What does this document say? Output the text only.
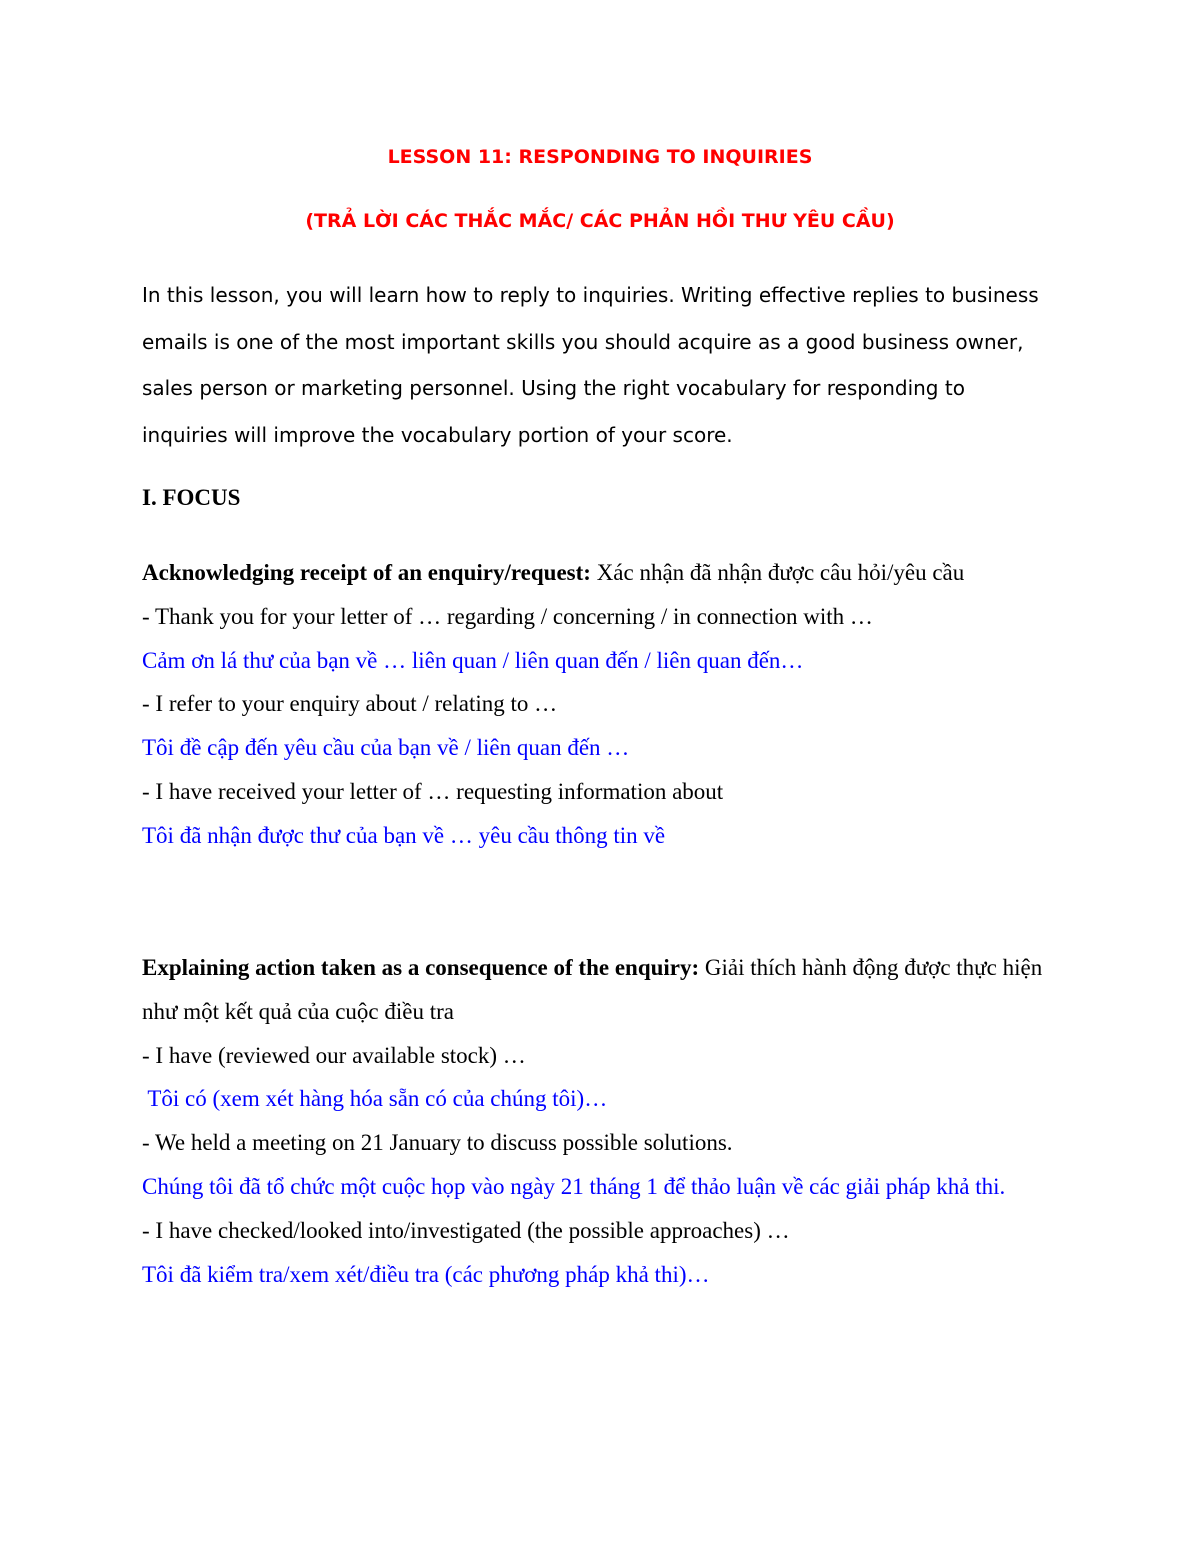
LESSON 11: RESPONDING TO INQUIRIES

(TRẢ LỜI CÁC THẮC MẮC/ CÁC PHẢN HỒI THƯ YÊU CẦU)

In this lesson, you will learn how to reply to inquiries. Writing effective replies to business emails is one of the most important skills you should acquire as a good business owner, sales person or marketing personnel. Using the right vocabulary for responding to inquiries will improve the vocabulary portion of your score.

I. FOCUS

Acknowledging receipt of an enquiry/request: Xác nhận đã nhận được câu hỏi/yêu cầu

- Thank you for your letter of … regarding / concerning / in connection with …

Cảm ơn lá thư của bạn về … liên quan / liên quan đến / liên quan đến…

- I refer to your enquiry about / relating to …

Tôi đề cập đến yêu cầu của bạn về / liên quan đến …

- I have received your letter of … requesting information about

Tôi đã nhận được thư của bạn về … yêu cầu thông tin về

Explaining action taken as a consequence of the enquiry: Giải thích hành động được thực hiện như một kết quả của cuộc điều tra

- I have (reviewed our available stock) …

Tôi có (xem xét hàng hóa sẵn có của chúng tôi)…

- We held a meeting on 21 January to discuss possible solutions.

Chúng tôi đã tổ chức một cuộc họp vào ngày 21 tháng 1 để thảo luận về các giải pháp khả thi.

- I have checked/looked into/investigated (the possible approaches) …

Tôi đã kiểm tra/xem xét/điều tra (các phương pháp khả thi)…
